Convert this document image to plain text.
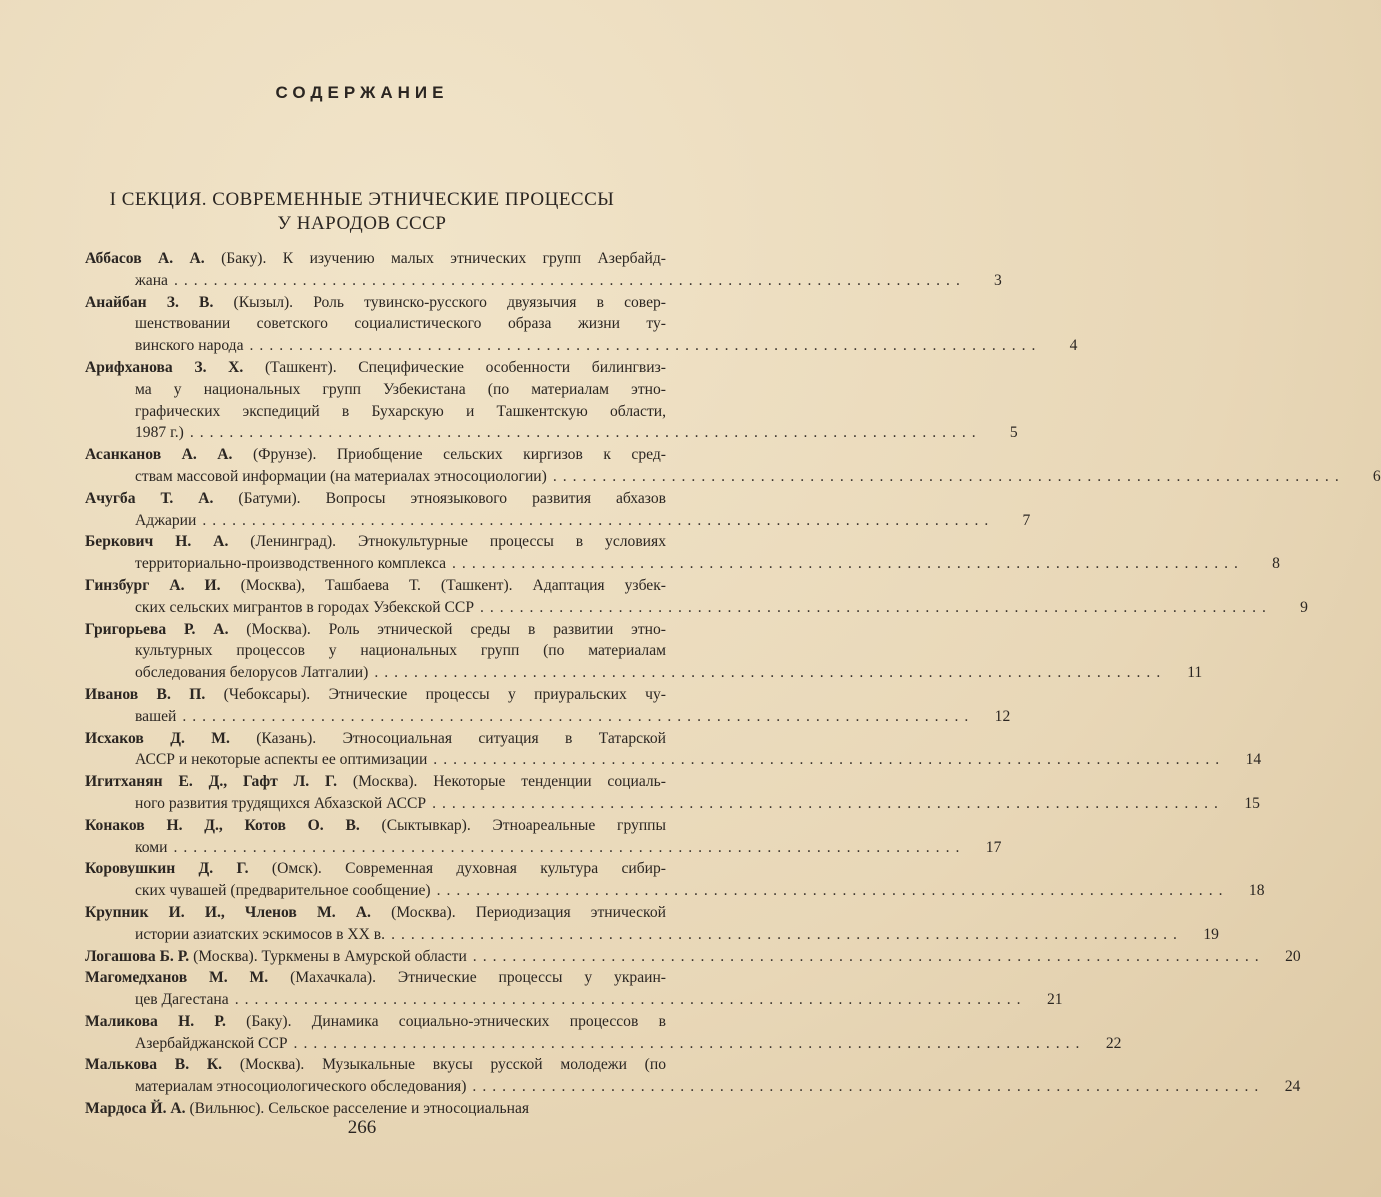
СОДЕРЖАНИЕ
I СЕКЦИЯ. СОВРЕМЕННЫЕ ЭТНИЧЕСКИЕ ПРОЦЕССЫ
У НАРОДОВ СССР
Аббасов А. А. (Баку). К изучению малых этнических групп Азербайд-
жана ................................................................................	3
Анайбан З. В. (Кызыл). Роль тувинско-русского двуязычия в совер-
шенствовании советского социалистического образа жизни ту-
винского народа ................................................................................	4
Арифханова З. Х. (Ташкент). Специфические особенности билингвиз-
ма у национальных групп Узбекистана (по материалам этно-
графических экспедиций в Бухарскую и Ташкентскую области,
1987 г.) ................................................................................	5
Асанканов А. А. (Фрунзе). Приобщение сельских киргизов к сред-
ствам массовой информации (на материалах этносоциологии) ................................................................................	6
Ачугба Т. А. (Батуми). Вопросы этноязыкового развития абхазов
Аджарии ................................................................................	7
Беркович Н. А. (Ленинград). Этнокультурные процессы в условиях
территориально-производственного комплекса ................................................................................	8
Гинзбург А. И. (Москва), Ташбаева Т. (Ташкент). Адаптация узбек-
ских сельских мигрантов в городах Узбекской ССР ................................................................................	9
Григорьева Р. А. (Москва). Роль этнической среды в развитии этно-
культурных процессов у национальных групп (по материалам
обследования белорусов Латгалии) ................................................................................	11
Иванов В. П. (Чебоксары). Этнические процессы у приуральских чу-
вашей ................................................................................	12
Исхаков Д. М. (Казань). Этносоциальная ситуация в Татарской
АССР и некоторые аспекты ее оптимизации ................................................................................	14
Игитханян Е. Д., Гафт Л. Г. (Москва). Некоторые тенденции социаль-
ного развития трудящихся Абхазской АССР ................................................................................	15
Конаков Н. Д., Котов О. В. (Сыктывкар). Этноареальные группы
коми ................................................................................	17
Коровушкин Д. Г. (Омск). Современная духовная культура сибир-
ских чувашей (предварительное сообщение) ................................................................................	18
Крупник И. И., Членов М. А. (Москва). Периодизация этнической
истории азиатских эскимосов в XX в. ................................................................................	19
Логашова Б. Р. (Москва). Туркмены в Амурской области ................................................................................	20
Магомедханов М. М. (Махачкала). Этнические процессы у украин-
цев Дагестана ................................................................................	21
Маликова Н. Р. (Баку). Динамика социально-этнических процессов в
Азербайджанской ССР ................................................................................	22
Малькова В. К. (Москва). Музыкальные вкусы русской молодежи (по
материалам этносоциологического обследования) ................................................................................	24
Мардоса Й. А. (Вильнюс). Сельское расселение и этносоциальная
266
